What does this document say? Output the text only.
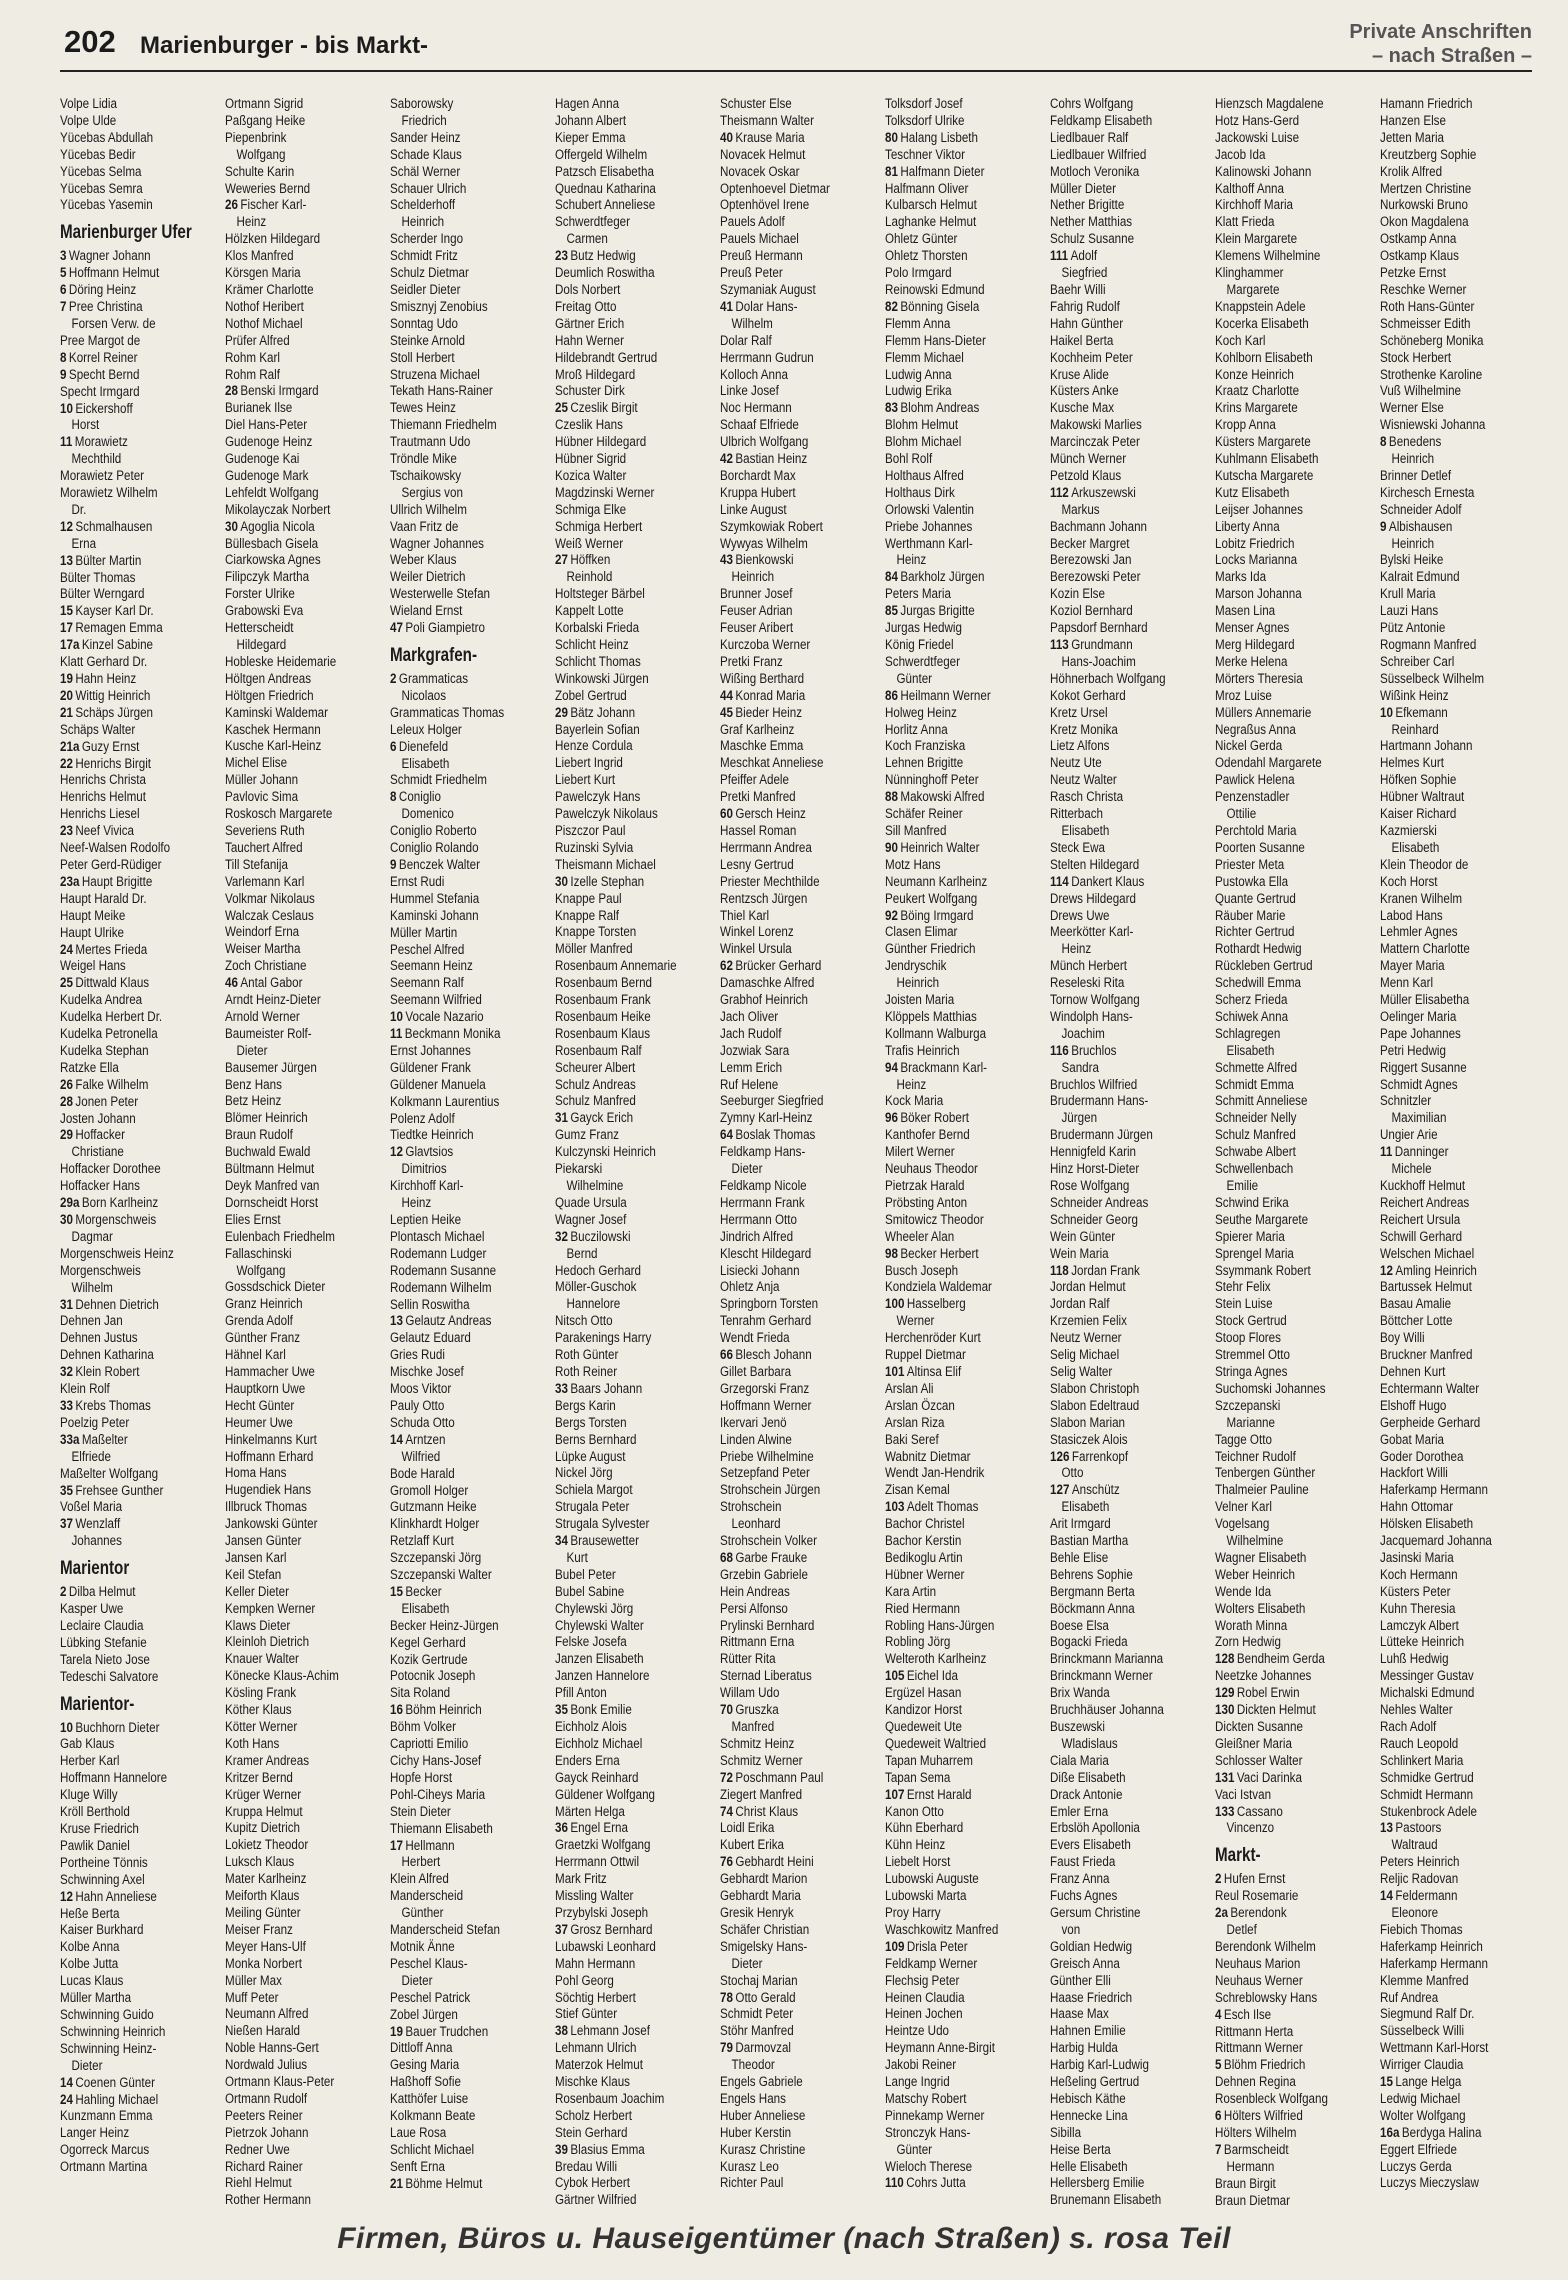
202 Marienburger - bis Markt-	Private Anschriften
– nach Straßen –
Volpe Lidia
Volpe Ulde
Yücebas Abdullah
Yücebas Bedir
Yücebas Selma
Yücebas Semra
Yücebas Yasemin
Marienburger Ufer
3 Wagner Johann
5 Hoffmann Helmut
6 Döring Heinz
7 Pree Christina
Forsen Verw. de
Pree Margot de
8 Korrel Reiner
9 Specht Bernd
Specht Irmgard
10 Eickershoff
Horst
11 Morawietz
Mechthild
Morawietz Peter
Morawietz Wilhelm
Dr.
12 Schmalhausen
Erna
13 Bülter Martin
Bülter Thomas
Bülter Werngard
15 Kayser Karl Dr.
17 Remagen Emma
17a Kinzel Sabine
Klatt Gerhard Dr.
19 Hahn Heinz
20 Wittig Heinrich
21 Schäps Jürgen
Schäps Walter
21a Guzy Ernst
22 Henrichs Birgit
Henrichs Christa
Henrichs Helmut
Henrichs Liesel
23 Neef Vivica
Neef-Walsen Rodolfo
Peter Gerd-Rüdiger
23a Haupt Brigitte
Haupt Harald Dr.
Haupt Meike
Haupt Ulrike
24 Mertes Frieda
Weigel Hans
25 Dittwald Klaus
Kudelka Andrea
Kudelka Herbert Dr.
Kudelka Petronella
Kudelka Stephan
Ratzke Ella
26 Falke Wilhelm
28 Jonen Peter
Josten Johann
29 Hoffacker
Christiane
Hoffacker Dorothee
Hoffacker Hans
29a Born Karlheinz
30 Morgenschweis
Dagmar
Morgenschweis Heinz
Morgenschweis
Wilhelm
31 Dehnen Dietrich
Dehnen Jan
Dehnen Justus
Dehnen Katharina
32 Klein Robert
Klein Rolf
33 Krebs Thomas
Poelzig Peter
33a Maßelter
Elfriede
Maßelter Wolfgang
35 Frehsee Gunther
Voßel Maria
37 Wenzlaff
Johannes
Marientor
2 Dilba Helmut
Kasper Uwe
Leclaire Claudia
Lübking Stefanie
Tarela Nieto Jose
Tedeschi Salvatore
Marientor-
10 Buchhorn Dieter
Gab Klaus
Herber Karl
Hoffmann Hannelore
Kluge Willy
Kröll Berthold
Kruse Friedrich
Pawlik Daniel
Portheine Tönnis
Schwinning Axel
12 Hahn Anneliese
Heße Berta
Kaiser Burkhard
Kolbe Anna
Kolbe Jutta
Lucas Klaus
Müller Martha
Schwinning Guido
Schwinning Heinrich
Schwinning Heinz-
Dieter
14 Coenen Günter
24 Hahling Michael
Kunzmann Emma
Langer Heinz
Ogorreck Marcus
Ortmann Martina
Ortmann Sigrid
Paßgang Heike
Piepenbrink
Wolfgang
Schulte Karin
Weweries Bernd
26 Fischer Karl-
Heinz
Hölzken Hildegard
Klos Manfred
Körsgen Maria
Krämer Charlotte
Nothof Heribert
Nothof Michael
Prüfer Alfred
Rohm Karl
Rohm Ralf
28 Benski Irmgard
Burianek Ilse
Diel Hans-Peter
Gudenoge Heinz
Gudenoge Kai
Gudenoge Mark
Lehfeldt Wolfgang
Mikolayczak Norbert
30 Agoglia Nicola
Büllesbach Gisela
Ciarkowska Agnes
Filipczyk Martha
Forster Ulrike
Grabowski Eva
Hetterscheidt
Hildegard
Hobleske Heidemarie
Höltgen Andreas
Höltgen Friedrich
Kaminski Waldemar
Kaschek Hermann
Kusche Karl-Heinz
Michel Elise
Müller Johann
Pavlovic Sima
Roskosch Margarete
Severiens Ruth
Tauchert Alfred
Till Stefanija
Varlemann Karl
Volkmar Nikolaus
Walczak Ceslaus
Weindorf Erna
Weiser Martha
Zoch Christiane
46 Antal Gabor
Arndt Heinz-Dieter
Arnold Werner
Baumeister Rolf-
Dieter
Bausemer Jürgen
Benz Hans
Betz Heinz
Blömer Heinrich
Braun Rudolf
Buchwald Ewald
Bültmann Helmut
Deyk Manfred van
Dornscheidt Horst
Elies Ernst
Eulenbach Friedhelm
Fallaschinski
Wolfgang
Gossdschick Dieter
Granz Heinrich
Grenda Adolf
Günther Franz
Hähnel Karl
Hammacher Uwe
Hauptkorn Uwe
Hecht Günter
Heumer Uwe
Hinkelmanns Kurt
Hoffmann Erhard
Homa Hans
Hugendiek Hans
Illbruck Thomas
Jankowski Günter
Jansen Günter
Jansen Karl
Keil Stefan
Keller Dieter
Kempken Werner
Klaws Dieter
Kleinloh Dietrich
Knauer Walter
Könecke Klaus-Achim
Kösling Frank
Köther Klaus
Kötter Werner
Koth Hans
Kramer Andreas
Kritzer Bernd
Krüger Werner
Kruppa Helmut
Kupitz Dietrich
Lokietz Theodor
Luksch Klaus
Mater Karlheinz
Meiforth Klaus
Meiling Günter
Meiser Franz
Meyer Hans-Ulf
Monka Norbert
Müller Max
Muff Peter
Neumann Alfred
Nießen Harald
Noble Hanns-Gert
Nordwald Julius
Ortmann Klaus-Peter
Ortmann Rudolf
Peeters Reiner
Pietrzok Johann
Redner Uwe
Richard Rainer
Riehl Helmut
Rother Hermann
Saborowsky
Friedrich
Sander Heinz
Schade Klaus
Schäl Werner
Schauer Ulrich
Schelderhoff
Heinrich
Scherder Ingo
Schmidt Fritz
Schulz Dietmar
Seidler Dieter
Smisznyj Zenobius
Sonntag Udo
Steinke Arnold
Stoll Herbert
Struzena Michael
Tekath Hans-Rainer
Tewes Heinz
Thiemann Friedhelm
Trautmann Udo
Tröndle Mike
Tschaikowsky
Sergius von
Ullrich Wilhelm
Vaan Fritz de
Wagner Johannes
Weber Klaus
Weiler Dietrich
Westerwelle Stefan
Wieland Ernst
47 Poli Giampietro
Markgrafen-
2 Grammaticas
Nicolaos
Grammaticas Thomas
Leleux Holger
6 Dienefeld
Elisabeth
Schmidt Friedhelm
8 Coniglio
Domenico
Coniglio Roberto
Coniglio Rolando
9 Benczek Walter
Ernst Rudi
Hummel Stefania
Kaminski Johann
Müller Martin
Peschel Alfred
Seemann Heinz
Seemann Ralf
Seemann Wilfried
10 Vocale Nazario
11 Beckmann Monika
Ernst Johannes
Güldener Frank
Güldener Manuela
Kolkmann Laurentius
Polenz Adolf
Tiedtke Heinrich
12 Glavtsios
Dimitrios
Kirchhoff Karl-
Heinz
Leptien Heike
Plontasch Michael
Rodemann Ludger
Rodemann Susanne
Rodemann Wilhelm
Sellin Roswitha
13 Gelautz Andreas
Gelautz Eduard
Gries Rudi
Mischke Josef
Moos Viktor
Pauly Otto
Schuda Otto
14 Arntzen
Wilfried
Bode Harald
Gromoll Holger
Gutzmann Heike
Klinkhardt Holger
Retzlaff Kurt
Szczepanski Jörg
Szczepanski Walter
15 Becker
Elisabeth
Becker Heinz-Jürgen
Kegel Gerhard
Kozik Gertrude
Potocnik Joseph
Sita Roland
16 Böhm Heinrich
Böhm Volker
Capriotti Emilio
Cichy Hans-Josef
Hopfe Horst
Pohl-Ciheys Maria
Stein Dieter
Thiemann Elisabeth
17 Hellmann
Herbert
Klein Alfred
Manderscheid
Günther
Manderscheid Stefan
Motnik Änne
Peschel Klaus-
Dieter
Peschel Patrick
Zobel Jürgen
19 Bauer Trudchen
Dittloff Anna
Gesing Maria
Haßhoff Sofie
Katthöfer Luise
Kolkmann Beate
Laue Rosa
Schlicht Michael
Senft Erna
21 Böhme Helmut
Hagen Anna
Johann Albert
Kieper Emma
Offergeld Wilhelm
Patzsch Elisabetha
Quednau Katharina
Schubert Anneliese
Schwerdtfeger
Carmen
23 Butz Hedwig
Deumlich Roswitha
Dols Norbert
Freitag Otto
Gärtner Erich
Hahn Werner
Hildebrandt Gertrud
Mroß Hildegard
Schuster Dirk
25 Czeslik Birgit
Czeslik Hans
Hübner Hildegard
Hübner Sigrid
Kozica Walter
Magdzinski Werner
Schmiga Elke
Schmiga Herbert
Weiß Werner
27 Höffken
Reinhold
Holtsteger Bärbel
Kappelt Lotte
Korbalski Frieda
Schlicht Heinz
Schlicht Thomas
Winkowski Jürgen
Zobel Gertrud
29 Bätz Johann
Bayerlein Sofian
Henze Cordula
Liebert Ingrid
Liebert Kurt
Pawelczyk Hans
Pawelczyk Nikolaus
Piszczor Paul
Ruzinski Sylvia
Theismann Michael
30 Izelle Stephan
Knappe Paul
Knappe Ralf
Knappe Torsten
Möller Manfred
Rosenbaum Annemarie
Rosenbaum Bernd
Rosenbaum Frank
Rosenbaum Heike
Rosenbaum Klaus
Rosenbaum Ralf
Scheurer Albert
Schulz Andreas
Schulz Manfred
31 Gayck Erich
Gumz Franz
Kulczynski Heinrich
Piekarski
Wilhelmine
Quade Ursula
Wagner Josef
32 Buczilowski
Bernd
Hedoch Gerhard
Möller-Guschok
Hannelore
Nitsch Otto
Parakenings Harry
Roth Günter
Roth Reiner
33 Baars Johann
Bergs Karin
Bergs Torsten
Berns Bernhard
Lüpke August
Nickel Jörg
Schiela Margot
Strugala Peter
Strugala Sylvester
34 Brausewetter
Kurt
Bubel Peter
Bubel Sabine
Chylewski Jörg
Chylewski Walter
Felske Josefa
Janzen Elisabeth
Janzen Hannelore
Pfill Anton
35 Bonk Emilie
Eichholz Alois
Eichholz Michael
Enders Erna
Gayck Reinhard
Güldener Wolfgang
Märten Helga
36 Engel Erna
Graetzki Wolfgang
Herrmann Ottwil
Mark Fritz
Missling Walter
Przybylski Joseph
37 Grosz Bernhard
Lubawski Leonhard
Mahn Hermann
Pohl Georg
Söchtig Herbert
Stief Günter
38 Lehmann Josef
Lehmann Ulrich
Materzok Helmut
Mischke Klaus
Rosenbaum Joachim
Scholz Herbert
Stein Gerhard
39 Blasius Emma
Bredau Willi
Cybok Herbert
Gärtner Wilfried
Schuster Else
Theismann Walter
40 Krause Maria
Novacek Helmut
Novacek Oskar
Optenhoevel Dietmar
Optenhövel Irene
Pauels Adolf
Pauels Michael
Preuß Hermann
Preuß Peter
Szymaniak August
41 Dolar Hans-
Wilhelm
Dolar Ralf
Herrmann Gudrun
Kolloch Anna
Linke Josef
Noc Hermann
Schaaf Elfriede
Ulbrich Wolfgang
42 Bastian Heinz
Borchardt Max
Kruppa Hubert
Linke August
Szymkowiak Robert
Wywyas Wilhelm
43 Bienkowski
Heinrich
Brunner Josef
Feuser Adrian
Feuser Aribert
Kurczoba Werner
Pretki Franz
Wißing Berthard
44 Konrad Maria
45 Bieder Heinz
Graf Karlheinz
Maschke Emma
Meschkat Anneliese
Pfeiffer Adele
Pretki Manfred
60 Gersch Heinz
Hassel Roman
Herrmann Andrea
Lesny Gertrud
Priester Mechthilde
Rentzsch Jürgen
Thiel Karl
Winkel Lorenz
Winkel Ursula
62 Brücker Gerhard
Damaschke Alfred
Grabhof Heinrich
Jach Oliver
Jach Rudolf
Jozwiak Sara
Lemm Erich
Ruf Helene
Seeburger Siegfried
Zymny Karl-Heinz
64 Boslak Thomas
Feldkamp Hans-
Dieter
Feldkamp Nicole
Herrmann Frank
Herrmann Otto
Jindrich Alfred
Klescht Hildegard
Lisiecki Johann
Ohletz Anja
Springborn Torsten
Tenrahm Gerhard
Wendt Frieda
66 Blesch Johann
Gillet Barbara
Grzegorski Franz
Hoffmann Werner
Ikervari Jenö
Linden Alwine
Priebe Wilhelmine
Setzepfand Peter
Strohschein Jürgen
Strohschein
Leonhard
Strohschein Volker
68 Garbe Frauke
Grzebin Gabriele
Hein Andreas
Persi Alfonso
Prylinski Bernhard
Rittmann Erna
Rütter Rita
Sternad Liberatus
Willam Udo
70 Gruszka
Manfred
Schmitz Heinz
Schmitz Werner
72 Poschmann Paul
Ziegert Manfred
74 Christ Klaus
Loidl Erika
Kubert Erika
76 Gebhardt Heini
Gebhardt Marion
Gebhardt Maria
Gresik Henryk
Schäfer Christian
Smigelsky Hans-
Dieter
Stochaj Marian
78 Otto Gerald
Schmidt Peter
Stöhr Manfred
79 Darmovzal
Theodor
Engels Gabriele
Engels Hans
Huber Anneliese
Huber Kerstin
Kurasz Christine
Kurasz Leo
Richter Paul
Tolksdorf Josef
Tolksdorf Ulrike
80 Halang Lisbeth
Teschner Viktor
81 Halfmann Dieter
Halfmann Oliver
Kulbarsch Helmut
Laghanke Helmut
Ohletz Günter
Ohletz Thorsten
Polo Irmgard
Reinowski Edmund
82 Bönning Gisela
Flemm Anna
Flemm Hans-Dieter
Flemm Michael
Ludwig Anna
Ludwig Erika
83 Blohm Andreas
Blohm Helmut
Blohm Michael
Bohl Rolf
Holthaus Alfred
Holthaus Dirk
Orlowski Valentin
Priebe Johannes
Werthmann Karl-
Heinz
84 Barkholz Jürgen
Peters Maria
85 Jurgas Brigitte
Jurgas Hedwig
König Friedel
Schwerdtfeger
Günter
86 Heilmann Werner
Holweg Heinz
Horlitz Anna
Koch Franziska
Lehnen Brigitte
Nünninghoff Peter
88 Makowski Alfred
Schäfer Reiner
Sill Manfred
90 Heinrich Walter
Motz Hans
Neumann Karlheinz
Peukert Wolfgang
92 Böing Irmgard
Clasen Elimar
Günther Friedrich
Jendryschik
Heinrich
Joisten Maria
Klöppels Matthias
Kollmann Walburga
Trafis Heinrich
94 Brackmann Karl-
Heinz
Kock Maria
96 Böker Robert
Kanthofer Bernd
Milert Werner
Neuhaus Theodor
Pietrzak Harald
Pröbsting Anton
Smitowicz Theodor
Wheeler Alan
98 Becker Herbert
Busch Joseph
Kondziela Waldemar
100 Hasselberg
Werner
Herchenröder Kurt
Ruppel Dietmar
101 Altinsa Elif
Arslan Ali
Arslan Özcan
Arslan Riza
Baki Seref
Wabnitz Dietmar
Wendt Jan-Hendrik
Zisan Kemal
103 Adelt Thomas
Bachor Christel
Bachor Kerstin
Bedikoglu Artin
Hübner Werner
Kara Artin
Ried Hermann
Robling Hans-Jürgen
Robling Jörg
Welteroth Karlheinz
105 Eichel Ida
Ergüzel Hasan
Kandizor Horst
Quedeweit Ute
Quedeweit Waltried
Tapan Muharrem
Tapan Sema
107 Ernst Harald
Kanon Otto
Kühn Eberhard
Kühn Heinz
Liebelt Horst
Lubowski Auguste
Lubowski Marta
Proy Harry
Waschkowitz Manfred
109 Drisla Peter
Feldkamp Werner
Flechsig Peter
Heinen Claudia
Heinen Jochen
Heintze Udo
Heymann Anne-Birgit
Jakobi Reiner
Lange Ingrid
Matschy Robert
Pinnekamp Werner
Stronczyk Hans-
Günter
Wieloch Therese
110 Cohrs Jutta
Cohrs Wolfgang
Feldkamp Elisabeth
Liedlbauer Ralf
Liedlbauer Wilfried
Motloch Veronika
Müller Dieter
Nether Brigitte
Nether Matthias
Schulz Susanne
111 Adolf
Siegfried
Baehr Willi
Fahrig Rudolf
Hahn Günther
Haikel Berta
Kochheim Peter
Kruse Alide
Küsters Anke
Kusche Max
Makowski Marlies
Marcinczak Peter
Münch Werner
Petzold Klaus
112 Arkuszewski
Markus
Bachmann Johann
Becker Margret
Berezowski Jan
Berezowski Peter
Kozin Else
Koziol Bernhard
Papsdorf Bernhard
113 Grundmann
Hans-Joachim
Höhnerbach Wolfgang
Kokot Gerhard
Kretz Ursel
Kretz Monika
Lietz Alfons
Neutz Ute
Neutz Walter
Rasch Christa
Ritterbach
Elisabeth
Steck Ewa
Stelten Hildegard
114 Dankert Klaus
Drews Hildegard
Drews Uwe
Meerkötter Karl-
Heinz
Münch Herbert
Reseleski Rita
Tornow Wolfgang
Windolph Hans-
Joachim
116 Bruchlos
Sandra
Bruchlos Wilfried
Brudermann Hans-
Jürgen
Brudermann Jürgen
Hennigfeld Karin
Hinz Horst-Dieter
Rose Wolfgang
Schneider Andreas
Schneider Georg
Wein Günter
Wein Maria
118 Jordan Frank
Jordan Helmut
Jordan Ralf
Krzemien Felix
Neutz Werner
Selig Michael
Selig Walter
Slabon Christoph
Slabon Edeltraud
Slabon Marian
Stasiczek Alois
126 Farrenkopf
Otto
127 Anschütz
Elisabeth
Arit Irmgard
Bastian Martha
Behle Elise
Behrens Sophie
Bergmann Berta
Böckmann Anna
Boese Elsa
Bogacki Frieda
Brinckmann Marianna
Brinckmann Werner
Brix Wanda
Bruchhäuser Johanna
Buszewski
Wladislaus
Ciala Maria
Diße Elisabeth
Drack Antonie
Emler Erna
Erbslöh Apollonia
Evers Elisabeth
Faust Frieda
Franz Anna
Fuchs Agnes
Gersum Christine
von
Goldian Hedwig
Greisch Anna
Günther Elli
Haase Friedrich
Haase Max
Hahnen Emilie
Harbig Hulda
Harbig Karl-Ludwig
Heßeling Gertrud
Hebisch Käthe
Hennecke Lina
Sibilla
Heise Berta
Helle Elisabeth
Hellersberg Emilie
Brunemann Elisabeth
Hienzsch Magdalene
Hotz Hans-Gerd
Jackowski Luise
Jacob Ida
Kalinowski Johann
Kalthoff Anna
Kirchhoff Maria
Klatt Frieda
Klein Margarete
Klemens Wilhelmine
Klinghammer
Margarete
Knappstein Adele
Kocerka Elisabeth
Koch Karl
Kohlborn Elisabeth
Konze Heinrich
Kraatz Charlotte
Krins Margarete
Kropp Anna
Küsters Margarete
Kuhlmann Elisabeth
Kutscha Margarete
Kutz Elisabeth
Leijser Johannes
Liberty Anna
Lobitz Friedrich
Locks Marianna
Marks Ida
Marson Johanna
Masen Lina
Menser Agnes
Merg Hildegard
Merke Helena
Mörters Theresia
Mroz Luise
Müllers Annemarie
Negraßus Anna
Nickel Gerda
Odendahl Margarete
Pawlick Helena
Penzenstadler
Ottilie
Perchtold Maria
Poorten Susanne
Priester Meta
Pustowka Ella
Quante Gertrud
Räuber Marie
Richter Gertrud
Rothardt Hedwig
Rückleben Gertrud
Schedwill Emma
Scherz Frieda
Schiwek Anna
Schlagregen
Elisabeth
Schmette Alfred
Schmidt Emma
Schmitt Anneliese
Schneider Nelly
Schulz Manfred
Schwabe Albert
Schwellenbach
Emilie
Schwind Erika
Seuthe Margarete
Spierer Maria
Sprengel Maria
Ssymmank Robert
Stehr Felix
Stein Luise
Stock Gertrud
Stoop Flores
Stremmel Otto
Stringa Agnes
Suchomski Johannes
Szczepanski
Marianne
Tagge Otto
Teichner Rudolf
Tenbergen Günther
Thalmeier Pauline
Velner Karl
Vogelsang
Wilhelmine
Wagner Elisabeth
Weber Heinrich
Wende Ida
Wolters Elisabeth
Worath Minna
Zorn Hedwig
128 Bendheim Gerda
Neetzke Johannes
129 Robel Erwin
130 Dickten Helmut
Dickten Susanne
Gleißner Maria
Schlosser Walter
131 Vaci Darinka
Vaci Istvan
133 Cassano
Vincenzo
Markt-
2 Hufen Ernst
Reul Rosemarie
2a Berendonk
Detlef
Berendonk Wilhelm
Neuhaus Marion
Neuhaus Werner
Schreblowsky Hans
4 Esch Ilse
Rittmann Herta
Rittmann Werner
5 Blöhm Friedrich
Dehnen Regina
Rosenbleck Wolfgang
6 Hölters Wilfried
Hölters Wilhelm
7 Barmscheidt
Hermann
Braun Birgit
Braun Dietmar
Hamann Friedrich
Hanzen Else
Jetten Maria
Kreutzberg Sophie
Krolik Alfred
Mertzen Christine
Nurkowski Bruno
Okon Magdalena
Ostkamp Anna
Ostkamp Klaus
Petzke Ernst
Reschke Werner
Roth Hans-Günter
Schmeisser Edith
Schöneberg Monika
Stock Herbert
Strothenke Karoline
Vuß Wilhelmine
Werner Else
Wisniewski Johanna
8 Benedens
Heinrich
Brinner Detlef
Kirchesch Ernesta
Schneider Adolf
9 Albishausen
Heinrich
Bylski Heike
Kalrait Edmund
Krull Maria
Lauzi Hans
Pütz Antonie
Rogmann Manfred
Schreiber Carl
Süsselbeck Wilhelm
Wißink Heinz
10 Efkemann
Reinhard
Hartmann Johann
Helmes Kurt
Höfken Sophie
Hübner Waltraut
Kaiser Richard
Kazmierski
Elisabeth
Klein Theodor de
Koch Horst
Kranen Wilhelm
Labod Hans
Lehmler Agnes
Mattern Charlotte
Mayer Maria
Menn Karl
Müller Elisabetha
Oelinger Maria
Pape Johannes
Petri Hedwig
Riggert Susanne
Schmidt Agnes
Schnitzler
Maximilian
Ungier Arie
11 Danninger
Michele
Kuckhoff Helmut
Reichert Andreas
Reichert Ursula
Schwill Gerhard
Welschen Michael
12 Amling Heinrich
Bartussek Helmut
Basau Amalie
Böttcher Lotte
Boy Willi
Bruckner Manfred
Dehnen Kurt
Echtermann Walter
Elshoff Hugo
Gerpheide Gerhard
Gobat Maria
Goder Dorothea
Hackfort Willi
Haferkamp Hermann
Hahn Ottomar
Hölsken Elisabeth
Jacquemard Johanna
Jasinski Maria
Koch Hermann
Küsters Peter
Kuhn Theresia
Lamczyk Albert
Lütteke Heinrich
Luhß Hedwig
Messinger Gustav
Michalski Edmund
Nehles Walter
Rach Adolf
Rauch Leopold
Schlinkert Maria
Schmidke Gertrud
Schmidt Hermann
Stukenbrock Adele
13 Pastoors
Waltraud
Peters Heinrich
Reljic Radovan
14 Feldermann
Eleonore
Fiebich Thomas
Haferkamp Heinrich
Haferkamp Hermann
Klemme Manfred
Ruf Andrea
Siegmund Ralf Dr.
Süsselbeck Willi
Wettmann Karl-Horst
Wirriger Claudia
15 Lange Helga
Ledwig Michael
Wolter Wolfgang
16a Berdyga Halina
Eggert Elfriede
Luczys Gerda
Luczys Mieczyslaw
Firmen, Büros u. Hauseigentümer (nach Straßen) s. rosa Teil
